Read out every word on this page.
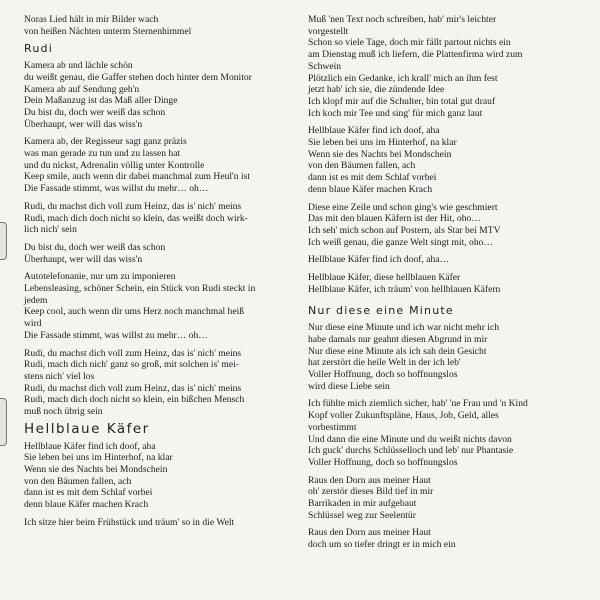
Noras Lied hält in mir Bilder wach
von heißen Nächten unterm Sternenhimmel
Rudi
Kamera ab und lächle schön
du weißt genau, die Gaffer stehen doch hinter dem Monitor
Kamera ab auf Sendung geh'n
Dein Maßanzug ist das Maß aller Dinge
Du bist du, doch wer weiß das schon
Überhaupt, wer will das wiss'n
Kamera ab, der Regisseur sagt ganz präzis
was man gerade zu tun und zu lassen hat
und du nickst, Adrenalin völlig unter Kontrolle
Keep smile, auch wenn dir dabei manchmal zum Heul'n ist
Die Fassade stimmt, was willst du mehr… oh…
Rudi, du machst dich voll zum Heinz, das is' nich' meins
Rudi, mach dich doch nicht so klein, das weißt doch wirk-
lich nich' sein
Du bist du, doch wer weiß das schon
Überhaupt, wer will das wiss'n
Autotelefonanie, nur um zu imponieren
Lebensleasing, schöner Schein, ein Stück von Rudi steckt in
jedem
Keep cool, auch wenn dir ums Herz noch manchmal heiß
wird
Die Fassade stimmt, was willst zu mehr… oh…
Rudi, du machst dich voll zum Heinz, das is' nich' meins
Rudi, mach dich nich' ganz so groß, mit solchen is' mei-
stens nich' viel los
Rudi, du machst dich voll zum Heinz, das is' nich' meins
Rudi, mach dich doch nicht so klein, ein bißchen Mensch
muß noch übrig sein
Hellblaue Käfer
Hellblaue Käfer find ich doof, aha
Sie leben bei uns im Hinterhof, na klar
Wenn sie des Nachts bei Mondschein
von den Bäumen fallen, ach
dann ist es mit dem Schlaf vorbei
denn blaue Käfer machen Krach
Ich sitze hier beim Frühstück und träum' so in die Welt
Muß 'nen Text noch schreiben, hab' mir's leichter
vorgestellt
Schon so viele Tage, doch mir fällt partout nichts ein
am Dienstag muß ich liefern, die Plattenfirma wird zum
Schwein
Plötzlich ein Gedanke, ich krall' mich an ihm fest
jetzt hab' ich sie, die zündende Idee
Ich klopf mir auf die Schulter, bin total gut drauf
Ich koch mir Tee und sing' für mich ganz laut
Hellblaue Käfer find ich doof, aha
Sie leben bei uns im Hinterhof, na klar
Wenn sie des Nachts bei Mondschein
von den Bäumen fallen, ach
dann ist es mit dem Schlaf vorbei
denn blaue Käfer machen Krach
Diese eine Zeile und schon ging's wie geschmiert
Das mit den blauen Käfern ist der Hit, oho…
Ich seh' mich schon auf Postern, als Star bei MTV
Ich weiß genau, die ganze Welt singt mit, oho…
Hellblaue Käfer find ich doof, aha…
Hellblaue Käfer, diese hellblauen Käfer
Hellblaue Käfer, ich träum' von hellblauen Käfern
Nur diese eine Minute
Nur diese eine Minute und ich war nicht mehr ich
habe damals nur geahnt diesen Abgrund in mir
Nur diese eine Minute als ich sah dein Gesicht
hat zerstört die heile Welt in der ich leb'
Voller Hoffnung, doch so hoffnungslos
wird diese Liebe sein
Ich fühlte mich ziemlich sicher, hab' 'ne Frau und 'n Kind
Kopf voller Zukunftspläne, Haus, Job, Geld, alles
vorbestimmt
Und dann die eine Minute und du weißt nichts davon
Ich guck' durchs Schlüsselloch und leb' nur Phantasie
Voller Hoffnung, doch so hoffnungslos
Raus den Dorn aus meiner Haut
oh' zerstör dieses Bild tief in mir
Barrikaden in mir aufgebaut
Schlüssel weg zur Seelentür
Raus den Dorn aus meiner Haut
doch um so tiefer dringt er in mich ein
